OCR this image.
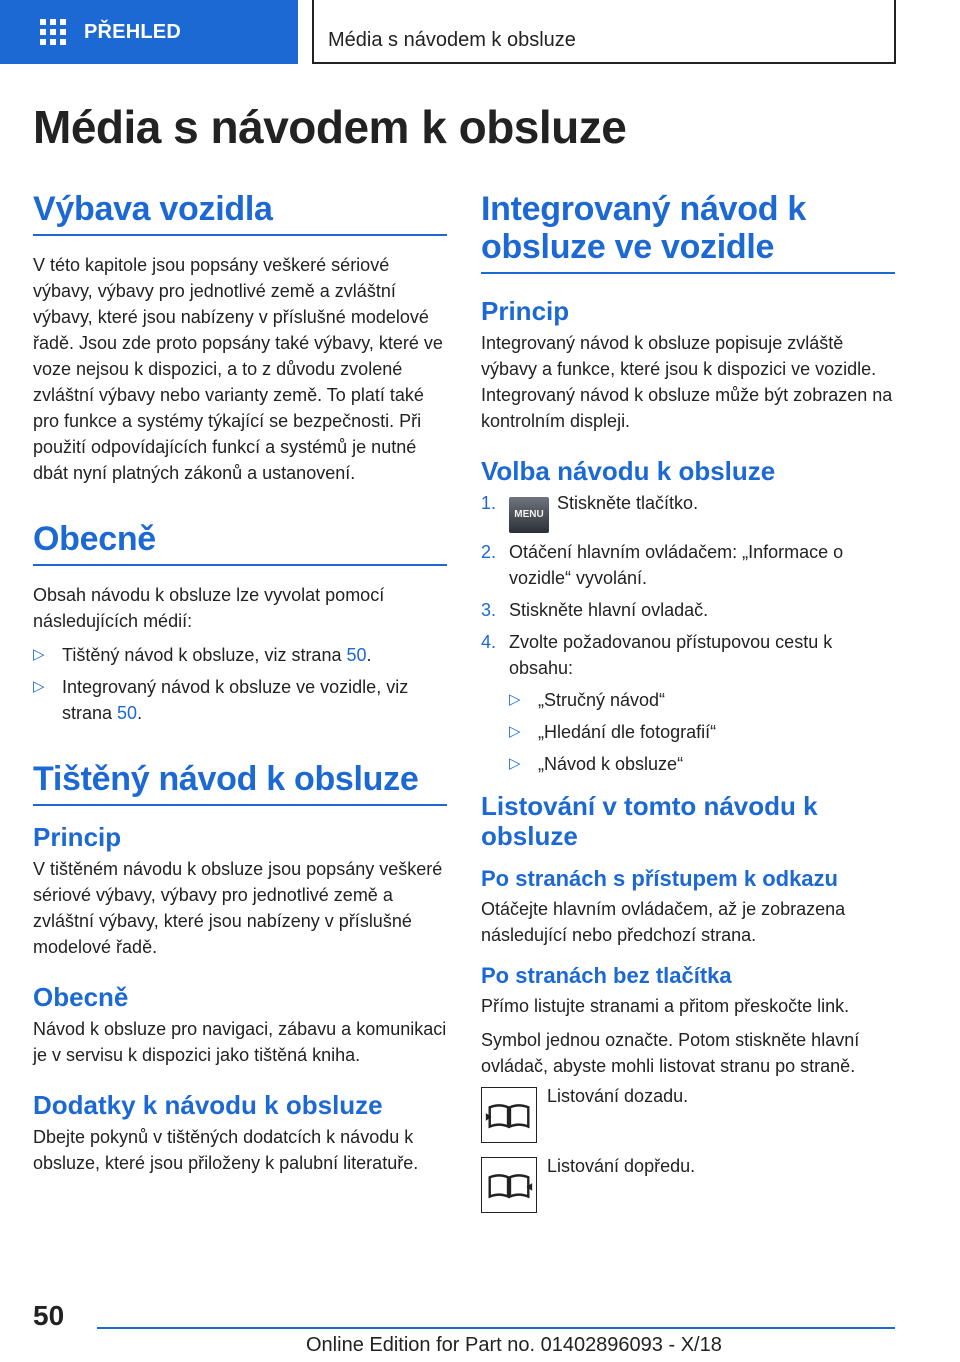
PŘEHLED	Média s návodem k obsluze
Média s návodem k obsluze
Výbava vozidla

V této kapitole jsou popsány veškeré sériové výbavy, výbavy pro jednotlivé země a zvláštní výbavy, které jsou nabízeny v příslušné modelové řadě. Jsou zde proto popsány také výbavy, které ve voze nejsou k dispozici, a to z důvodu zvolené zvláštní výbavy nebo varianty země. To platí také pro funkce a systémy týkající se bezpečnosti. Při použití odpovídajících funkcí a systémů je nutné dbát nyní platných zákonů a ustanovení.

Obecně

Obsah návodu k obsluze lze vyvolat pomocí následujících médií:

▷ Tištěný návod k obsluze, viz strana 50.
▷ Integrovaný návod k obsluze ve vozidle, viz strana 50.
Tištěný návod k obsluze
Princip

V tištěném návodu k obsluze jsou popsány veškeré sériové výbavy, výbavy pro jednotlivé země a zvláštní výbavy, které jsou nabízeny v příslušné modelové řadě.

Obecně

Návod k obsluze pro navigaci, zábavu a komunikaci je v servisu k dispozici jako tištěná kniha.

Dodatky k návodu k obsluze

Dbejte pokynů v tištěných dodatcích k návodu k obsluze, které jsou přiloženy k palubní literatuře.

Integrovaný návod k obsluze ve vozidle
Princip

Integrovaný návod k obsluze popisuje zvláště výbavy a funkce, které jsou k dispozici ve vozidle. Integrovaný návod k obsluze může být zobrazen na kontrolním displeji.

Volba návodu k obsluze
1.
MENUStiskněte tlačítko.
2. Otáčení hlavním ovládačem: „Informace o vozidle“ vyvolání.
3. Stiskněte hlavní ovladač.
4. Zvolte požadovanou přístupovou cestu k obsahu:
▷ „Stručný návod“
▷ „Hledání dle fotografií“
▷ „Návod k obsluze“
Listování v tomto návodu k obsluze
Po stranách s přístupem k odkazu

Otáčejte hlavním ovládačem, až je zobrazena následující nebo předchozí strana.

Po stranách bez tlačítka

Přímo listujte stranami a přitom přeskočte link.

Symbol jednou označte. Potom stiskněte hlavní ovládač, abyste mohli listovat stranu po straně.

Listování dozadu.

Listování dopředu.

50
Online Edition for Part no. 01402896093 - X/18
